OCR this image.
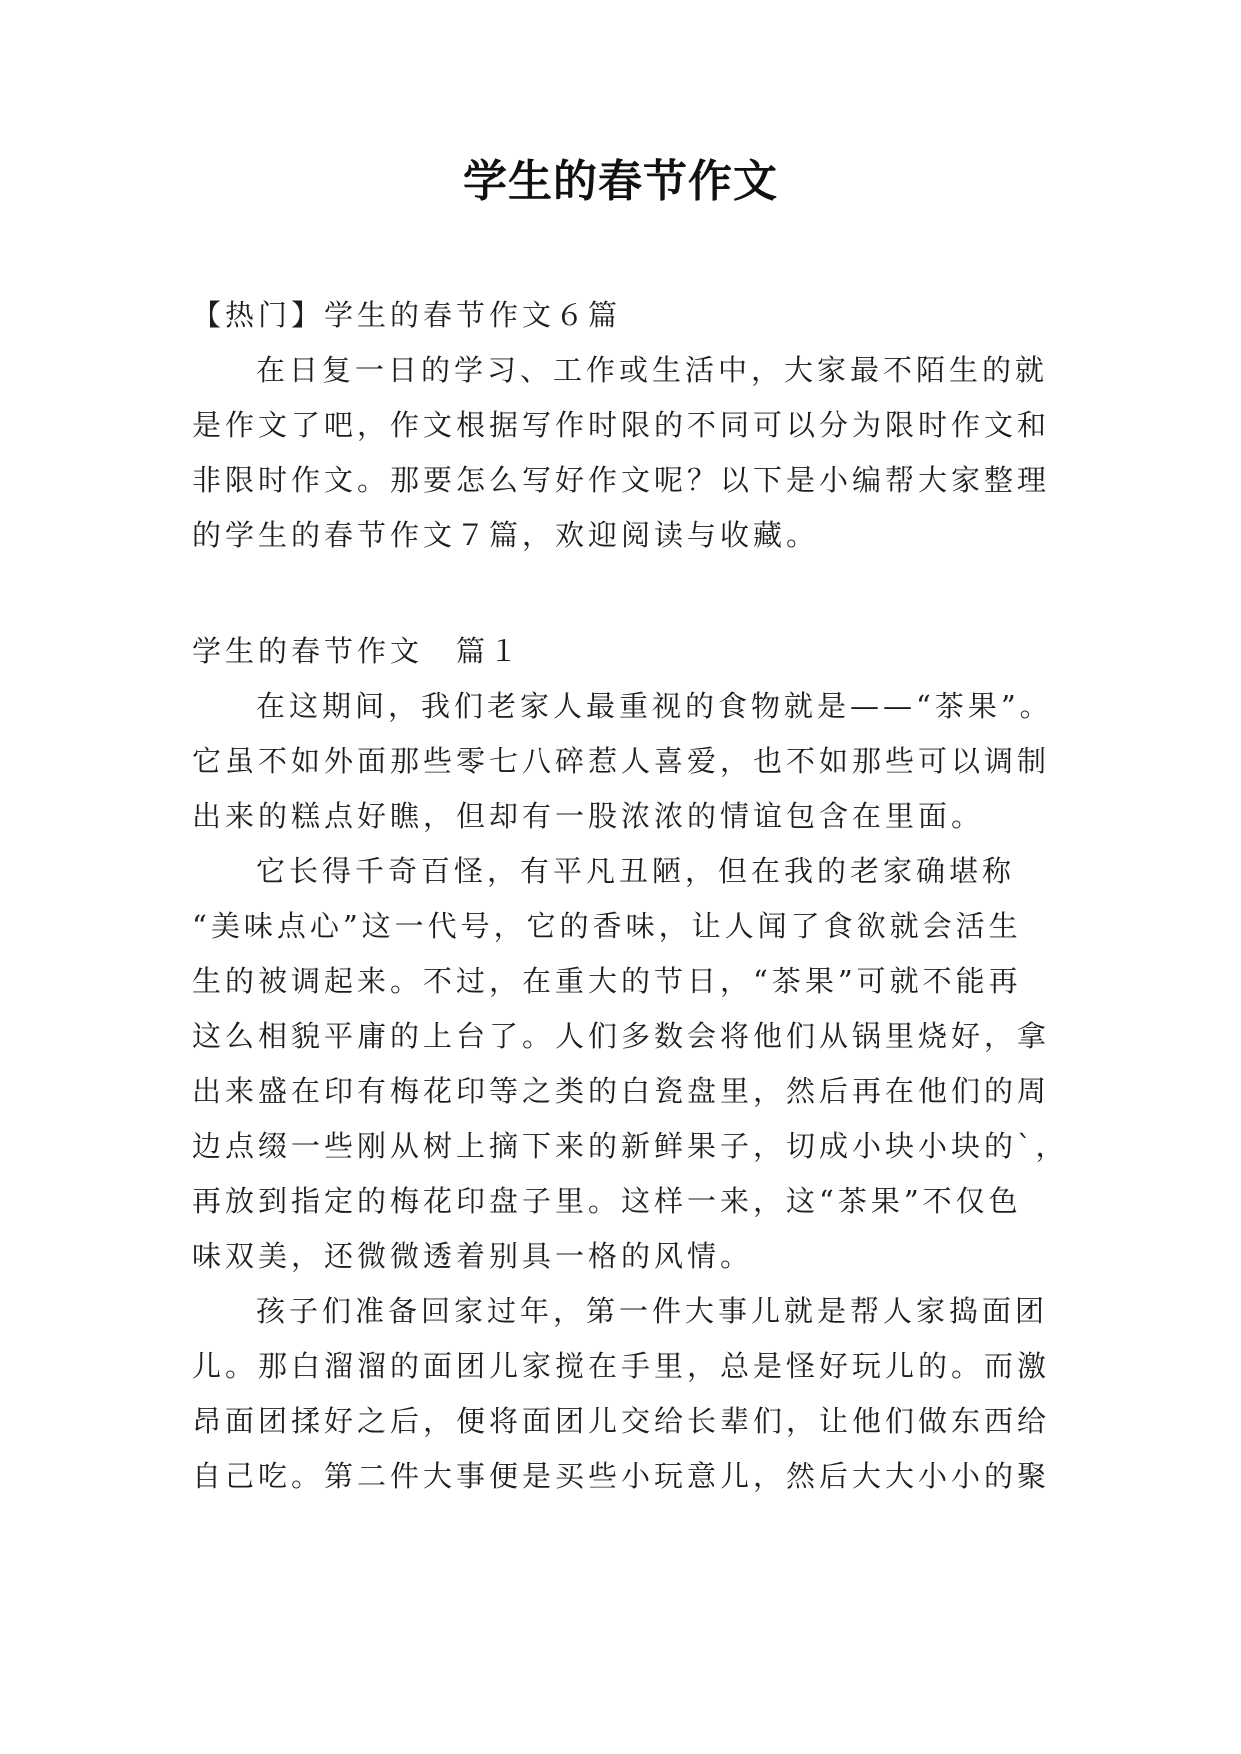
学生的春节作文
【热门】学生的春节作文６篇
在日复一日的学习、工作或生活中，大家最不陌生的就
是作文了吧，作文根据写作时限的不同可以分为限时作文和
非限时作文。那要怎么写好作文呢？以下是小编帮大家整理
的学生的春节作文７篇，欢迎阅读与收藏。
学生的春节作文　篇１
在这期间，我们老家人最重视的食物就是——“茶果”。
它虽不如外面那些零七八碎惹人喜爱，也不如那些可以调制
出来的糕点好瞧，但却有一股浓浓的情谊包含在里面。
它长得千奇百怪，有平凡丑陋，但在我的老家确堪称
“美味点心”这一代号，它的香味，让人闻了食欲就会活生
生的被调起来。不过，在重大的节日，“茶果”可就不能再
这么相貌平庸的上台了。人们多数会将他们从锅里烧好，拿
出来盛在印有梅花印等之类的白瓷盘里，然后再在他们的周
边点缀一些刚从树上摘下来的新鲜果子，切成小块小块的`，
再放到指定的梅花印盘子里。这样一来，这“茶果”不仅色
味双美，还微微透着别具一格的风情。
孩子们准备回家过年，第一件大事儿就是帮人家捣面团
儿。那白溜溜的面团儿家搅在手里，总是怪好玩儿的。而激
昂面团揉好之后，便将面团儿交给长辈们，让他们做东西给
自己吃。第二件大事便是买些小玩意儿，然后大大小小的聚
